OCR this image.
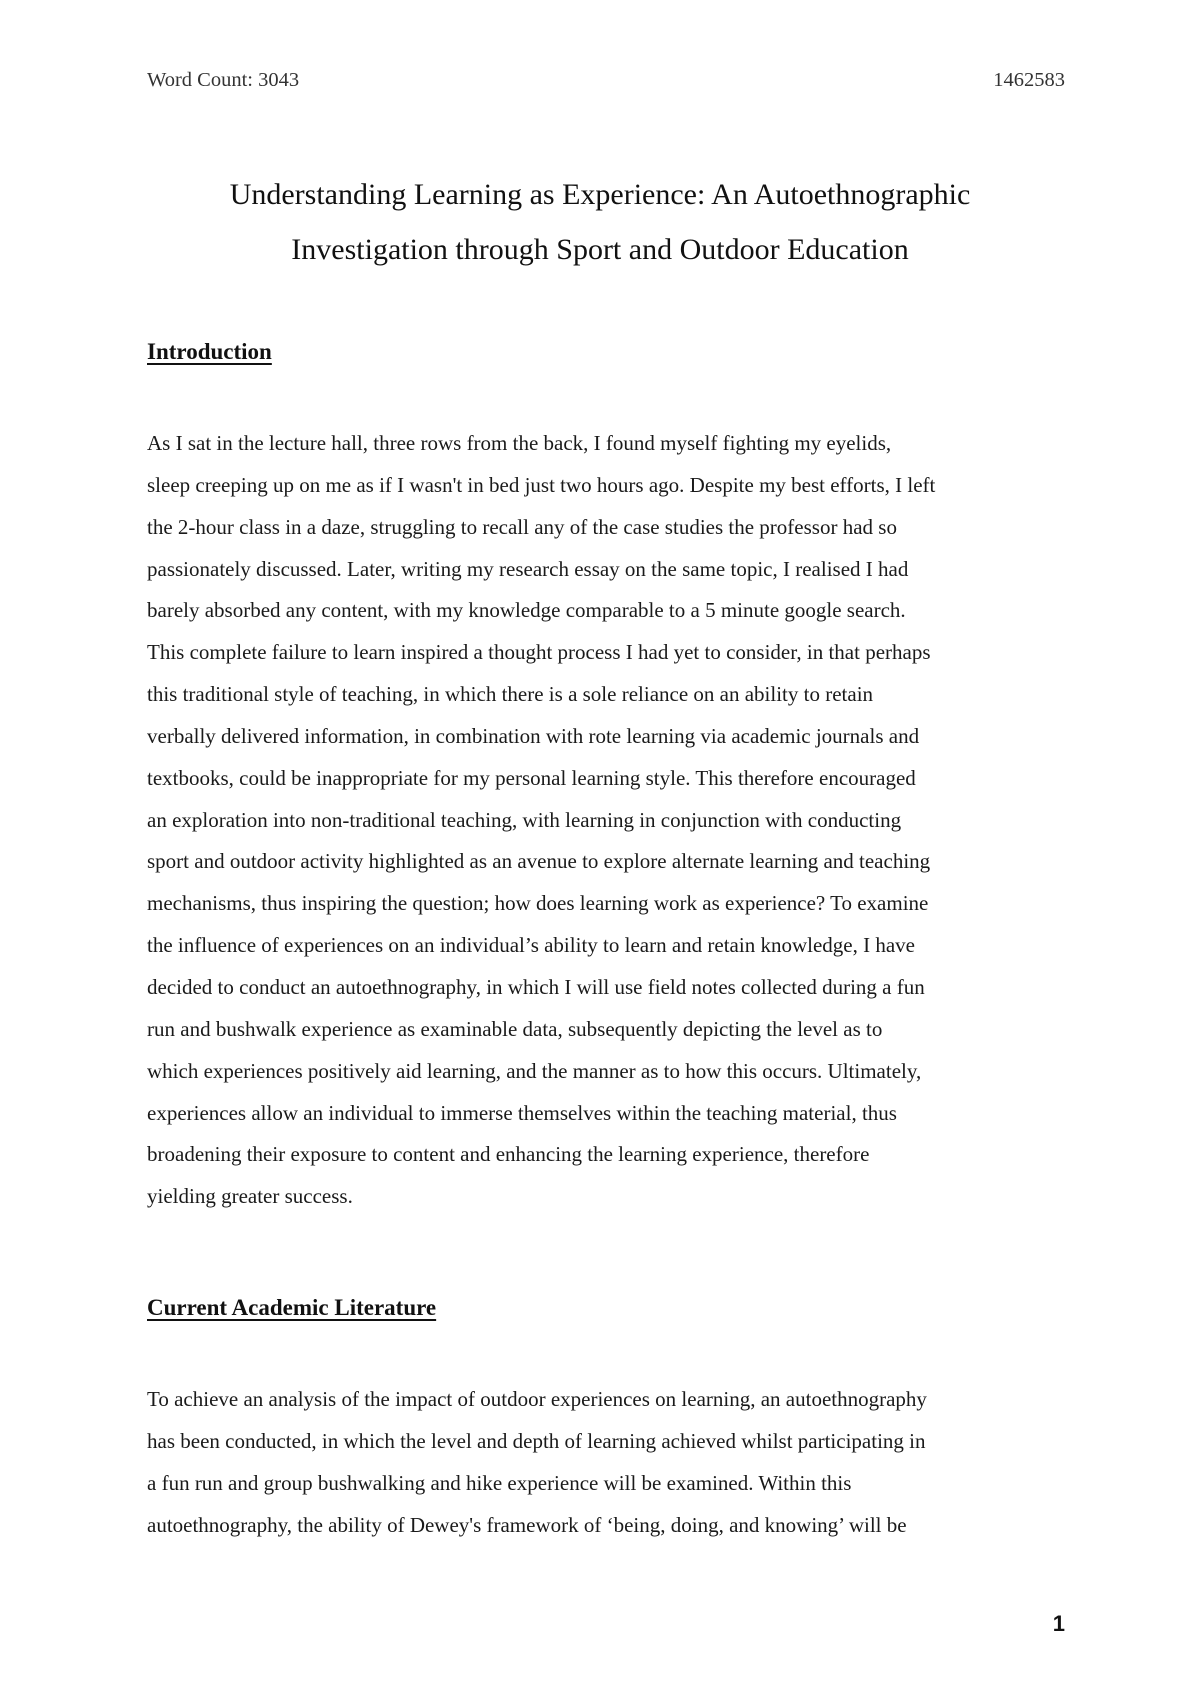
Word Count: 3043	1462583
Understanding Learning as Experience: An Autoethnographic
Investigation through Sport and Outdoor Education
Introduction

As I sat in the lecture hall, three rows from the back, I found myself fighting my eyelids,
sleep creeping up on me as if I wasn't in bed just two hours ago. Despite my best efforts, I left
the 2-hour class in a daze, struggling to recall any of the case studies the professor had so
passionately discussed. Later, writing my research essay on the same topic, I realised I had
barely absorbed any content, with my knowledge comparable to a 5 minute google search.
This complete failure to learn inspired a thought process I had yet to consider, in that perhaps
this traditional style of teaching, in which there is a sole reliance on an ability to retain
verbally delivered information, in combination with rote learning via academic journals and
textbooks, could be inappropriate for my personal learning style. This therefore encouraged
an exploration into non-traditional teaching, with learning in conjunction with conducting
sport and outdoor activity highlighted as an avenue to explore alternate learning and teaching
mechanisms, thus inspiring the question; how does learning work as experience? To examine
the influence of experiences on an individual’s ability to learn and retain knowledge, I have
decided to conduct an autoethnography, in which I will use field notes collected during a fun
run and bushwalk experience as examinable data, subsequently depicting the level as to
which experiences positively aid learning, and the manner as to how this occurs. Ultimately,
experiences allow an individual to immerse themselves within the teaching material, thus
broadening their exposure to content and enhancing the learning experience, therefore
yielding greater success.

Current Academic Literature

To achieve an analysis of the impact of outdoor experiences on learning, an autoethnography
has been conducted, in which the level and depth of learning achieved whilst participating in
a fun run and group bushwalking and hike experience will be examined. Within this
autoethnography, the ability of Dewey's framework of ‘being, doing, and knowing’ will be

1
